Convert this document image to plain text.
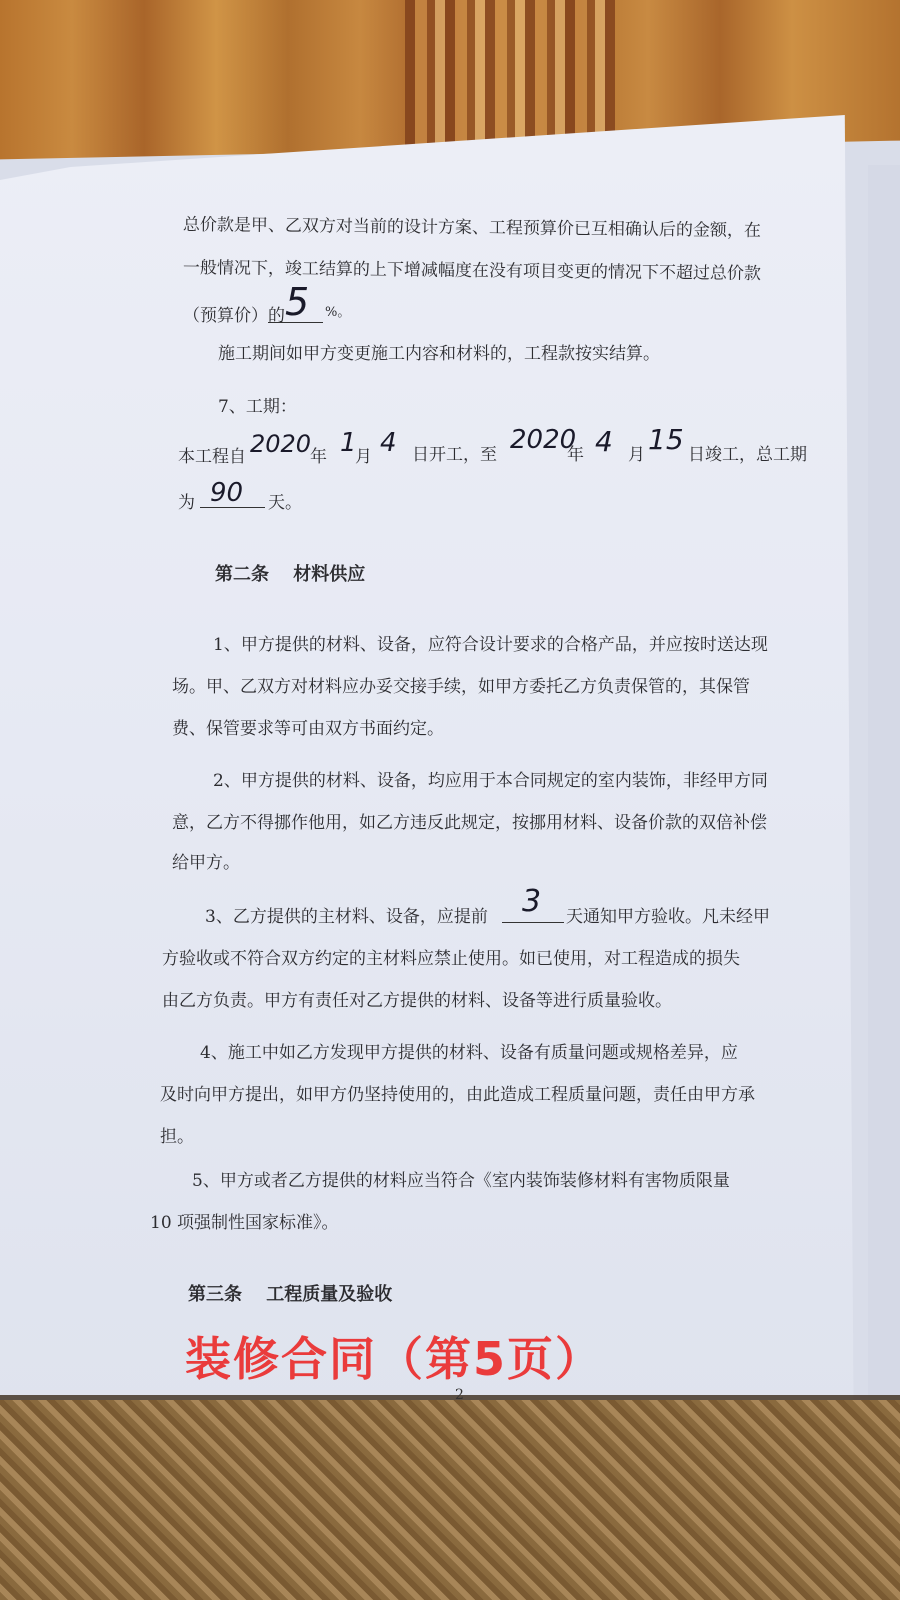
总价款是甲、乙双方对当前的设计方案、工程预算价已互相确认后的金额，在
一般情况下，竣工结算的上下增减幅度在没有项目变更的情况下不超过总价款
（预算价）的 5 %。
施工期间如甲方变更施工内容和材料的，工程款按实结算。
7、工期：
本工程自 2020
年 1
月 4 日开工，至 2020
年 4 月 15 日竣工，总工期
为 90 天。
第二条　 材料供应
1、甲方提供的材料、设备，应符合设计要求的合格产品，并应按时送达现
场。甲、乙双方对材料应办妥交接手续，如甲方委托乙方负责保管的，其保管
费、保管要求等可由双方书面约定。
2、甲方提供的材料、设备，均应用于本合同规定的室内装饰，非经甲方同
意，乙方不得挪作他用，如乙方违反此规定，按挪用材料、设备价款的双倍补偿
给甲方。
3、乙方提供的主材料、设备，应提前 3 天通知甲方验收。凡未经甲
方验收或不符合双方约定的主材料应禁止使用。如已使用，对工程造成的损失
由乙方负责。甲方有责任对乙方提供的材料、设备等进行质量验收。
4、施工中如乙方发现甲方提供的材料、设备有质量问题或规格差异，应
及时向甲方提出，如甲方仍坚持使用的，由此造成工程质量问题，责任由甲方承
担。
5、甲方或者乙方提供的材料应当符合《室内装饰装修材料有害物质限量
10 项强制性国家标准》。
第三条　 工程质量及验收
2
装修合同（第5页）
